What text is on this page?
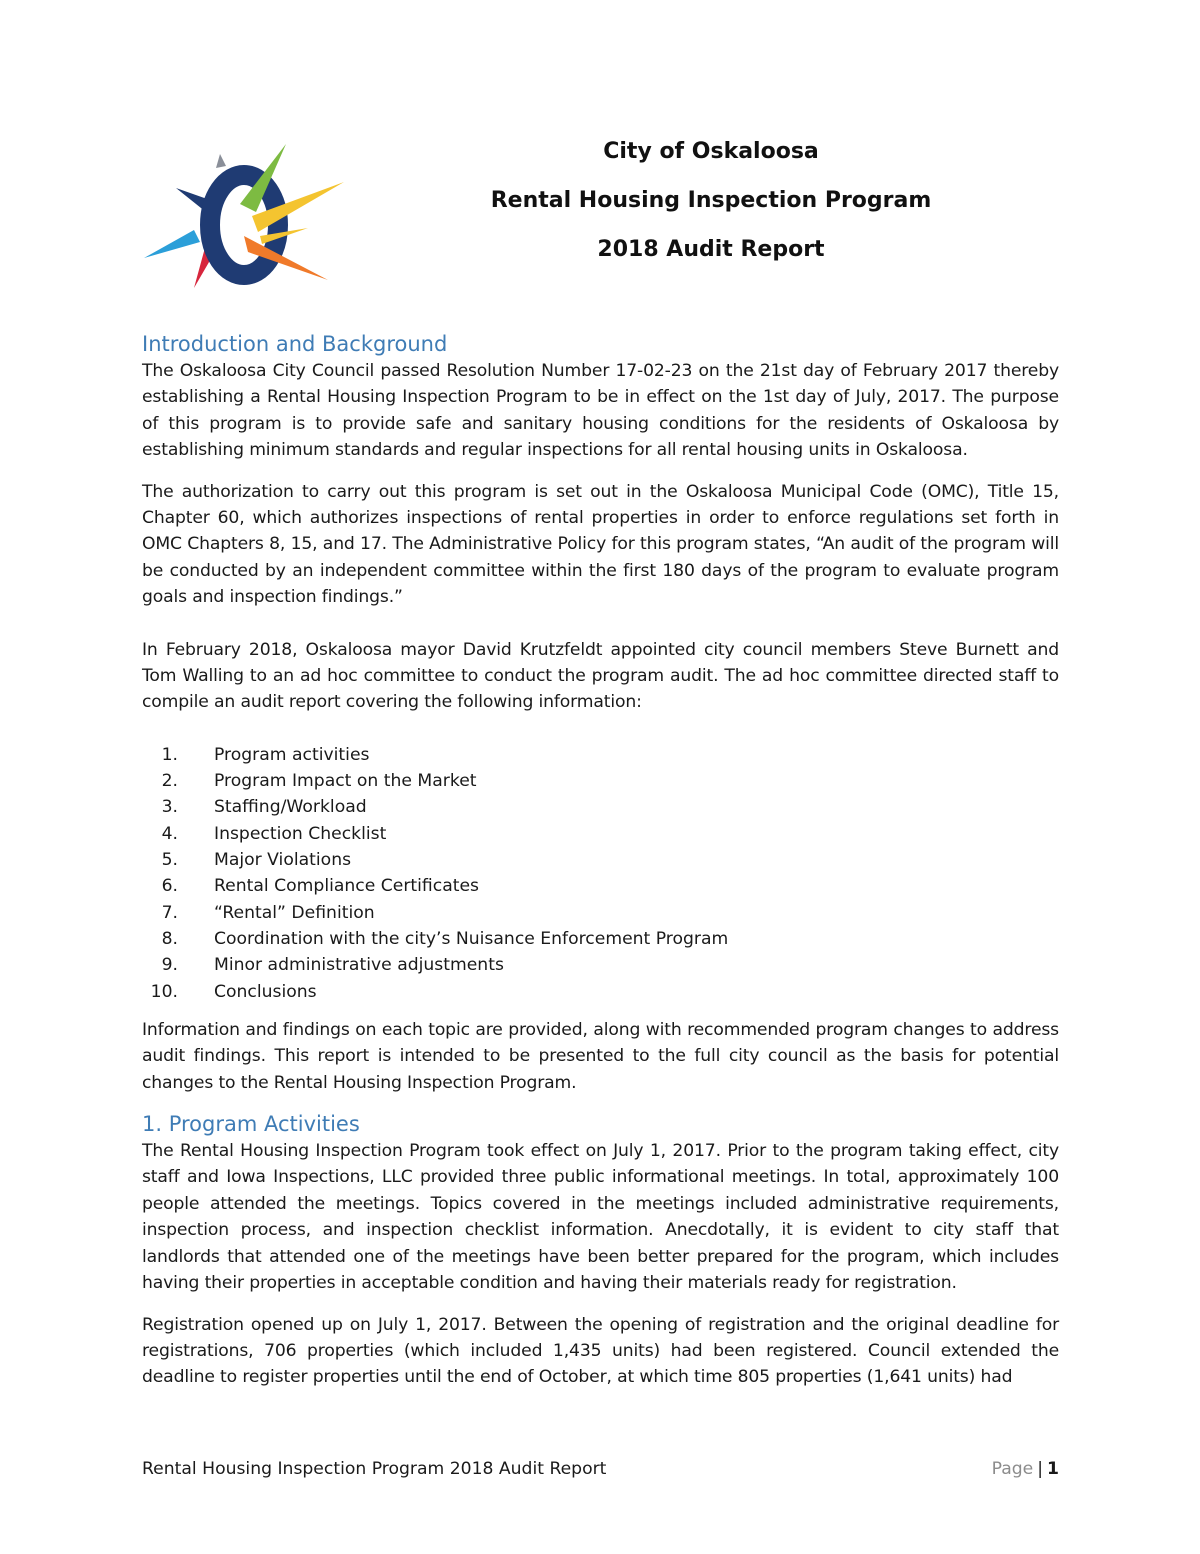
City of Oskaloosa
Rental Housing Inspection Program
2018 Audit Report
Introduction and Background

The Oskaloosa City Council passed Resolution Number 17-02-23 on the 21st day of February 2017 thereby establishing a Rental Housing Inspection Program to be in effect on the 1st day of July, 2017. The purpose of this program is to provide safe and sanitary housing conditions for the residents of Oskaloosa by establishing minimum standards and regular inspections for all rental housing units in Oskaloosa.

The authorization to carry out this program is set out in the Oskaloosa Municipal Code (OMC), Title 15, Chapter 60, which authorizes inspections of rental properties in order to enforce regulations set forth in OMC Chapters 8, 15, and 17. The Administrative Policy for this program states, “An audit of the program will be conducted by an independent committee within the first 180 days of the program to evaluate program goals and inspection findings.”

In February 2018, Oskaloosa mayor David Krutzfeldt appointed city council members Steve Burnett and Tom Walling to an ad hoc committee to conduct the program audit. The ad hoc committee directed staff to compile an audit report covering the following information:

1. Program activities
2. Program Impact on the Market
3. Staffing/Workload
4. Inspection Checklist
5. Major Violations
6. Rental Compliance Certificates
7. “Rental” Definition
8. Coordination with the city’s Nuisance Enforcement Program
9. Minor administrative adjustments
10. Conclusions

Information and findings on each topic are provided, along with recommended program changes to address audit findings. This report is intended to be presented to the full city council as the basis for potential changes to the Rental Housing Inspection Program.

1. Program Activities

The Rental Housing Inspection Program took effect on July 1, 2017. Prior to the program taking effect, city staff and Iowa Inspections, LLC provided three public informational meetings. In total, approximately 100 people attended the meetings. Topics covered in the meetings included administrative requirements, inspection process, and inspection checklist information. Anecdotally, it is evident to city staff that landlords that attended one of the meetings have been better prepared for the program, which includes having their properties in acceptable condition and having their materials ready for registration.

Registration opened up on July 1, 2017. Between the opening of registration and the original deadline for registrations, 706 properties (which included 1,435 units) had been registered. Council extended the deadline to register properties until the end of October, at which time 805 properties (1,641 units) had

Rental Housing Inspection Program 2018 Audit Report	Page | 1
